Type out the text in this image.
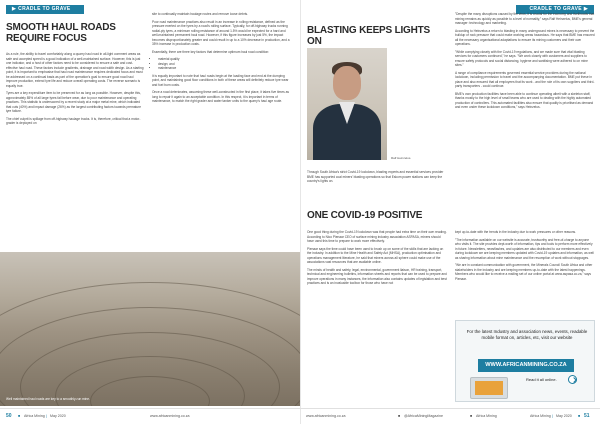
▶ CRADLE TO GRAVE
SMOOTH HAUL ROADS REQUIRE FOCUS

As a rule, the ability to travel comfortably along a quarry haul road in all-light comment areas as safe and accepted speed is a good indication of a well-maintained surface. However, this is just one indicator, and a host of other factors need to be considered to ensure a safe and cost-effective haul road. These factors include gradients, drainage and road width design. As a starting point, it is important to emphasise that haul road maintenance requires dedicated focus and must be addressed on a continual basis as part of the operation's goal to ensure good road haul improve production, extend tyre life and reduce overall operating costs. The reverse scenario is equally true.

Tyres are a key expenditure item to be preserved for as long as possible. However, despite this, approximately 85% of all large tyres fail before wear, due to poor maintenance and operating practices. This statistic is underscored by a recent study at a major metal mine, which indicated that cuts (40%) and impact damage (26%) as the largest contributing factors towards premature tyre failure.

The chief culprit is spillage from off-highway haulage trucks. It is, therefore, critical that a motor-grader is deployed on

site to continually maintain haulage routes and remove loose debris.

Poor road maintenance practices also result in an increase in rolling resistance, defined as the pressure exerted on the tyres by a road's rolling surface. Typically, for off-highway trucks running radial-ply tyres, a minimum rolling resistance of around 1.5% would be expected for a hard and well-maintained permanent haul road. However, if this figure increases by just 5%, the impact becomes disproportionately greater and could result in up to a 10% decrease in production, and a 35% increase in production costs.

Essentially, there are three key factors that determine optimum haul road condition:

• material quality
• design; and
• maintenance

It is equally important to note that haul roads begin at the loading face and end at the dumping point, and maintaining good floor conditions in both of these areas will definitely reduce tyre wear and fuel burn costs.

Once a road deteriorates, assuming these well-constructed in the first place, it takes five times as long to repair it again to an acceptable condition. In this respect, it is important in terms of maintenance, to match the right grader and water tanker units to the quarry's haul age route.

Well maintained haul roads are key to a smoothly-run mine.
CRADLE TO GRAVE ▶
BLASTING KEEPS LIGHTS ON
Ralf Heinzelus.

Through South Africa's strict Covid-19 lockdown, blasting experts and essential services provider BME has supported coal miners' blasting operations so that Eskom power stations can keep the country's lights on.

"Despite the many disruptions caused by the virus, it is crucial for the economy and livelihoods that mining remains as quickly as possible to a level of normality," says Ralf Heinzelus, BME's general manager: technology and marketing.

According to Heinzelus a return to blasting in many underground mines is necessary to prevent the buildup of rock pressure that could make working areas hazardous. He says that BME has ensured all the necessary organisational adaptations to ensure its mining customers and their own operations.

"While complying closely with the Covid-19 regulations, and we made sure that vital blasting services for customers continued," he says. "We work closely with customers and suppliers to ensure safety protocols and social distancing, hygiene and sanitising were adhered to on mine sites."

A range of compliance requirements governed essential service providers during the national lockdown, including permission to travel and the accompanying documentation. BME put these in place and also ensured that all employees that its work - and the role of its own suppliers and third-party transporters - could continue.

BME's own production facilities have been able to continue operating albeit with a skeleton staff, thanks mostly to the high level of small teams who are used to dealing with the highly automated production of controllers. This automated facilities also ensure that quality is prioritised as demand and even under these lockdown conditions," says Heinzelus.

ONE COVID-19 POSITIVE

One good thing during the Covid-19 lockdown was that people had extra time on their own reading. According to Nico Pienaar CEO of surface mining industry association ASPASA, miners should have used this time to prepare to work more effectively.

Pienaar says the time could have been used to brush up on some of the skills that are lacking on the industry. In addition to the Mine Health and Safety Act (MHSA), production optimisation and operations management literature, he said that miners across all sphere could make use of the associations vast resources that are available online.

The minds of health and safety, legal, environmental, government liaison, HR training, transport, technical and engineering bulletins, information sheets and reports that can be used to prepare and improve operations in many instances, the information also contains updates of legislation and best practices and is an invaluable toolbox for those who have not

kept up-to-date with the trends in the industry due to work pressures or other reasons.

"The information available on our website is accurate, trustworthy and free-of-charge to anyone who visits it. The site provides dept-worth of information, tips and tools to perform more effectively in future. Newsletters, newsflashes, and updates are also distributed to our members and even during lockdown we are keeping members updated with Covid-19 updates and information, as well as sharing information about mine maintenance and the resumption of work without stoppages.

"We are in constant communication with government, the Minerals Council South Africa and other stakeholders in the industry and are keeping members up-to-date with the latest happenings. Members who would like to receive a mailing set of our online portal at www.aspasa.co.za," says Pienaar.

For the latest Industry and association news, events, readable mobile format on, articles, etc, visit our website
WWW.AFRICANMINING.CO.ZA
Read it all online.
50 ■ Africa Mining | May 2020	www.africanmining.co.za	www.africanmining.co.za	■ @AfricaMiningMagazine	■ Africa Mining	Africa Mining | May 2020 ■ 51
